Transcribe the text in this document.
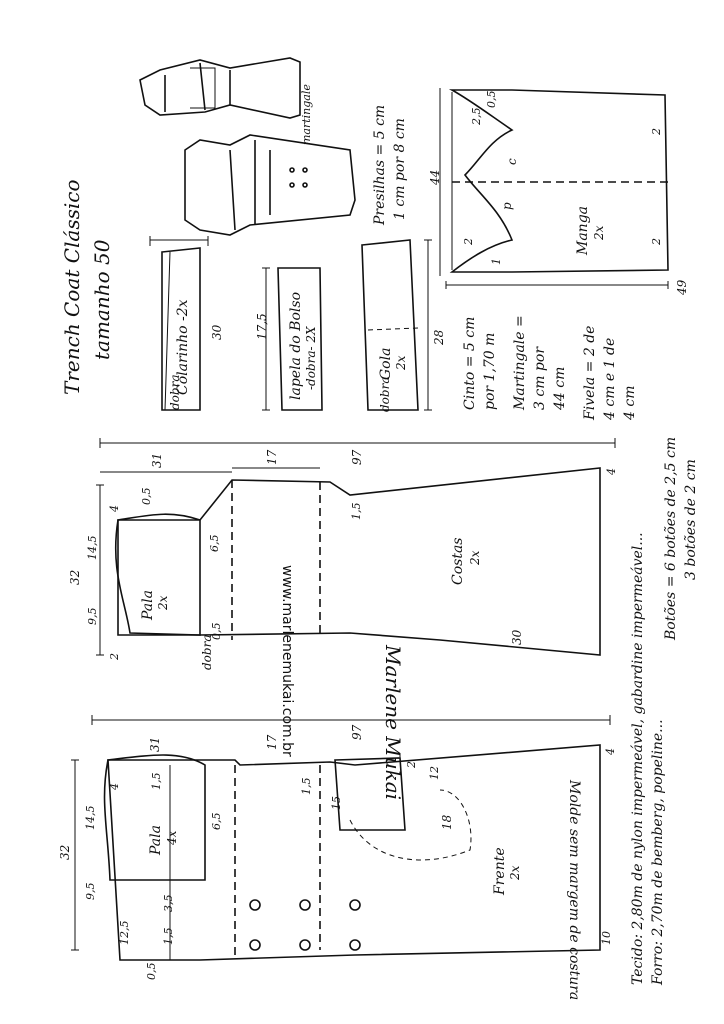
Trench Coat Clássico tamanho 50	Colarinho -2x
dobra
30	lapela do Bolso -dobra- 2X
17,5
Gola 2x
dobra
28
Manga 2x
44
49
c
p
2,5
0,5
2
2
2
1
Costas 2x
97
31	17
30
1,5
4
Pala 2x
dobra
32
14,5
9,5
2
0,5
6,5
4
0,5
Frente 2x
97
31	17
18
12
1,5
15
2
10
4
Pala 4x
32
14,5
9,5
12,5
3,5
1,5
6,5
4
0,5
1,5
Presilhas = 5 cm 1 cm por 8 cm
martingale
Cinto = 5 cm por 1,70 m Martingale = 3 cm por 44 cm Fivela = 2 de 4 cm e 1 de 4 cm
Tecido: 2,80m de nylon impermeável, gabardine impermeável... Forro: 2,70m de bemberg, popeline...
Botões = 6 botões de 2,5 cm 3 botões de 2 cm
www.marlenemukai.com.br	Marlene Mukai
Molde sem margem de costura
